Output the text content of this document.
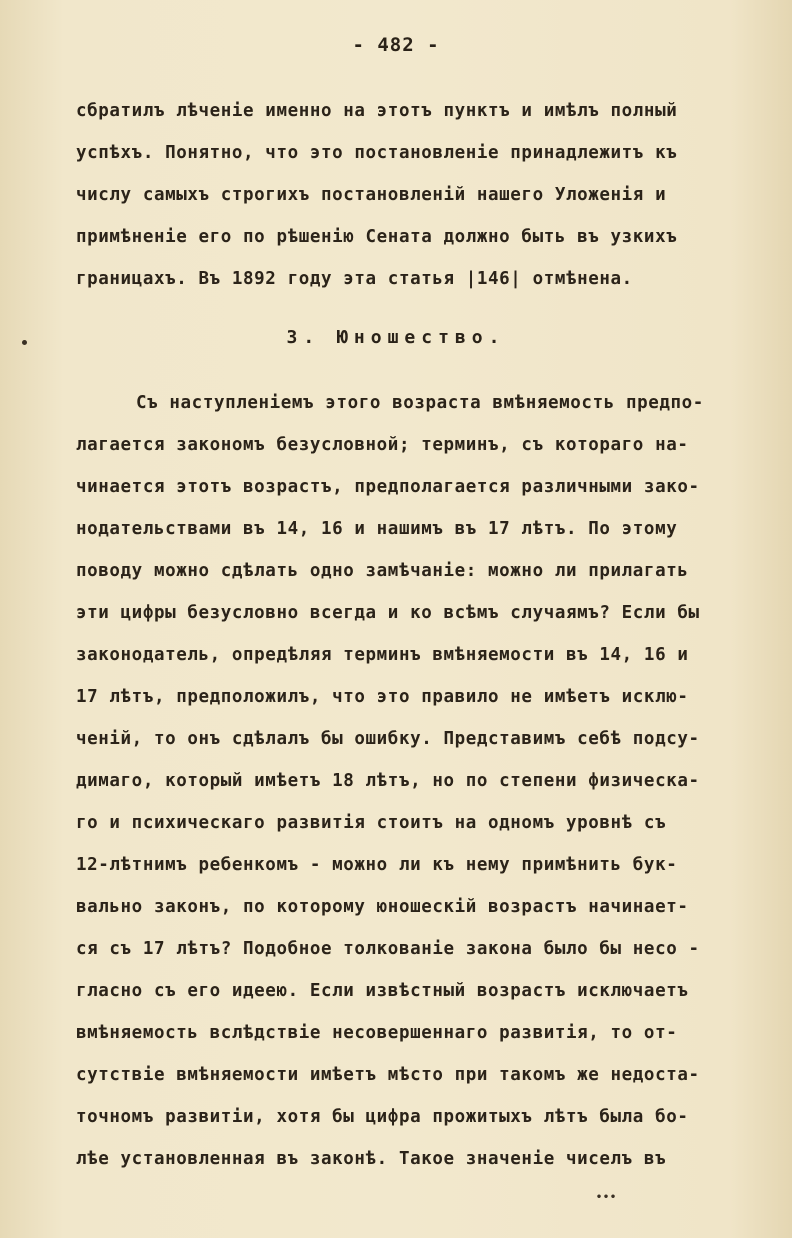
- 482 -
сбратилъ лѣченіе именно на этотъ пунктъ и имѣлъ полный
успѣхъ. Понятно, что это постановленіе принадлежитъ къ
числу самыхъ строгихъ постановленій нашего Уложенія и
примѣненіе его по рѣшенію Сената должно быть въ узкихъ
границахъ. Въ 1892 году эта статья |146| отмѣнена.
З. Юношество.
Съ наступленіемъ этого возраста вмѣняемость предпо-
лагается закономъ безусловной; терминъ, съ котораго на-
чинается этотъ возрастъ, предполагается различными зако-
нодательствами въ 14, 16 и нашимъ въ 17 лѣтъ. По этому
поводу можно сдѣлать одно замѣчаніе: можно ли прилагать
эти цифры безусловно всегда и ко всѣмъ случаямъ? Если бы
законодатель, опредѣляя терминъ вмѣняемости въ 14, 16 и
17 лѣтъ, предположилъ, что это правило не имѣетъ исклю-
ченій, то онъ сдѣлалъ бы ошибку. Представимъ себѣ подсу-
димаго, который имѣетъ 18 лѣтъ, но по степени физическа-
го и психическаго развитія стоитъ на одномъ уровнѣ съ
12-лѣтнимъ ребенкомъ - можно ли къ нему примѣнить бук-
вально законъ, по которому юношескій возрастъ начинает-
ся съ 17 лѣтъ? Подобное толкованіе закона было бы несо -
гласно съ его идеею. Если извѣстный возрастъ исключаетъ
вмѣняемость вслѣдствіе несовершеннаго развитія, то от-
сутствіе вмѣняемости имѣетъ мѣсто при такомъ же недоста-
точномъ развитіи, хотя бы цифра прожитыхъ лѣтъ была бо-
лѣе установленная въ законѣ. Такое значеніе чиселъ въ
•••
